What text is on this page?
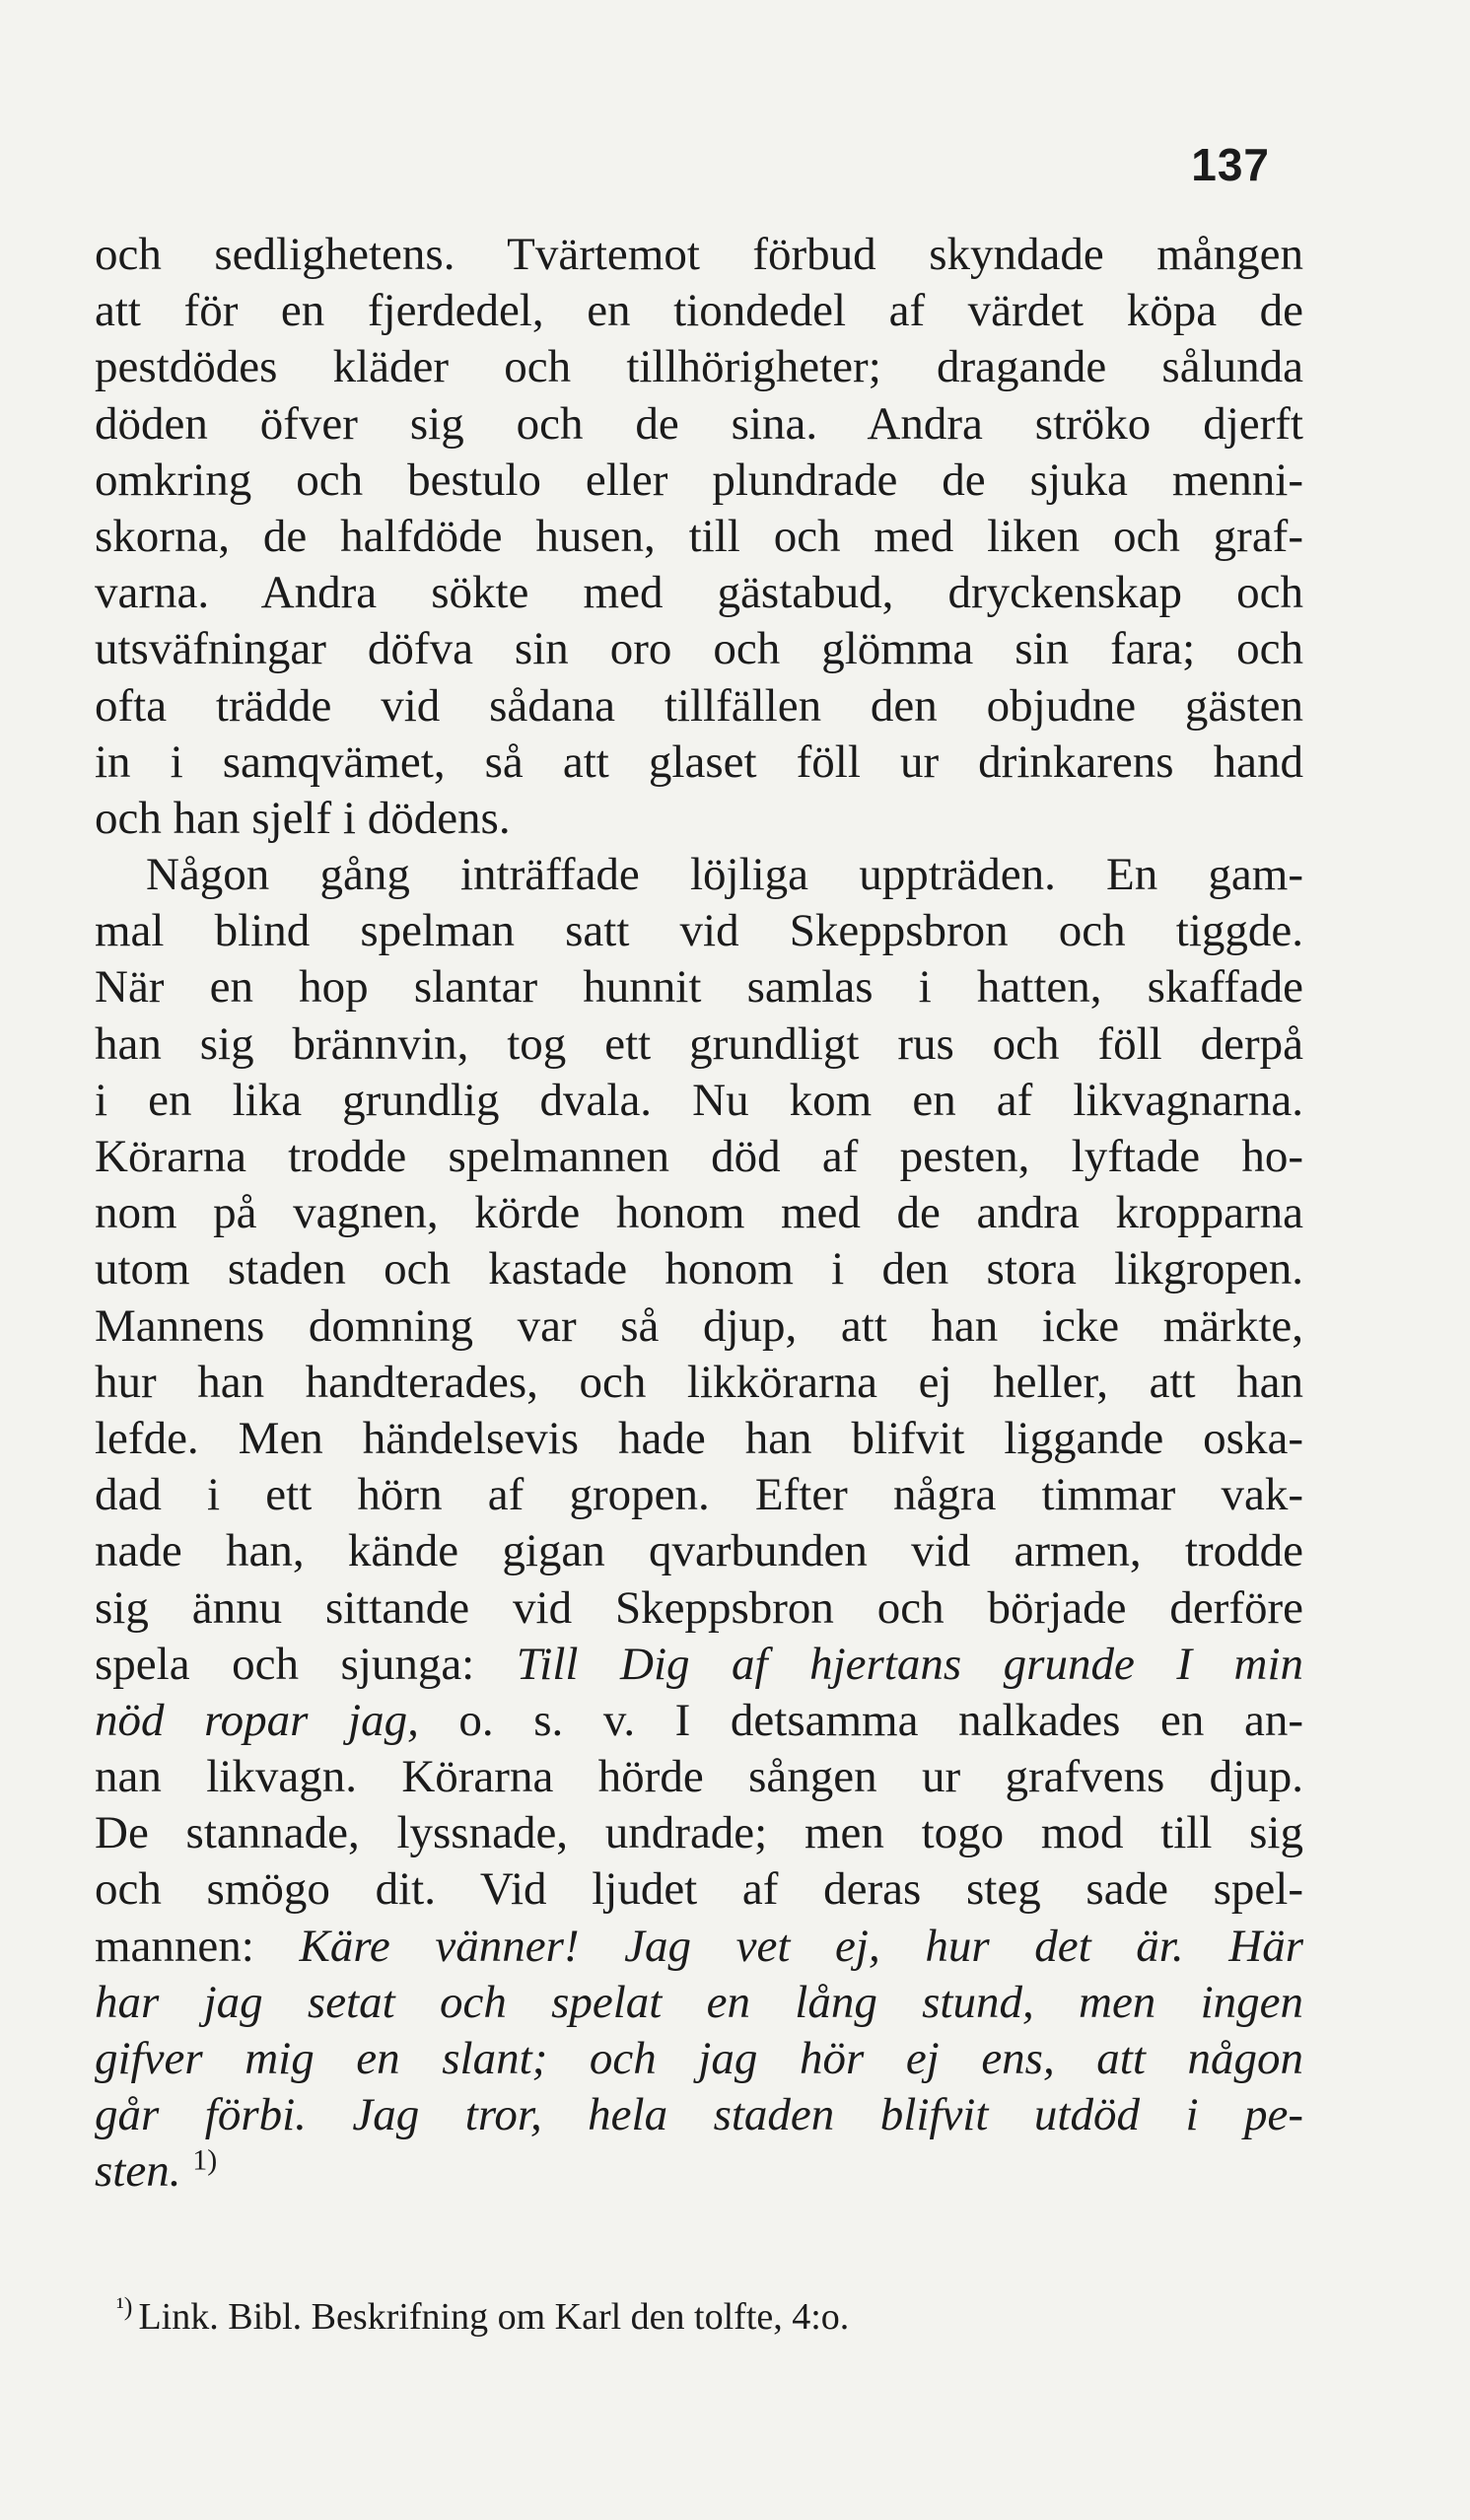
137
och sedlighetens. Tvärtemot förbud skyndade mången
att för en fjerdedel, en tiondedel af värdet köpa de
pestdödes kläder och tillhörigheter; dragande sålunda
döden öfver sig och de sina. Andra ströko djerft
omkring och bestulo eller plundrade de sjuka menni-
skorna, de halfdöde husen, till och med liken och graf-
varna. Andra sökte med gästabud, dryckenskap och
utsväfningar döfva sin oro och glömma sin fara; och
ofta trädde vid sådana tillfällen den objudne gästen
in i samqvämet, så att glaset föll ur drinkarens hand
och han sjelf i dödens.
Någon gång inträffade löjliga uppträden. En gam-
mal blind spelman satt vid Skeppsbron och tiggde.
När en hop slantar hunnit samlas i hatten, skaffade
han sig brännvin, tog ett grundligt rus och föll derpå
i en lika grundlig dvala. Nu kom en af likvagnarna.
Körarna trodde spelmannen död af pesten, lyftade ho-
nom på vagnen, körde honom med de andra kropparna
utom staden och kastade honom i den stora likgropen.
Mannens domning var så djup, att han icke märkte,
hur han handterades, och likkörarna ej heller, att han
lefde. Men händelsevis hade han blifvit liggande oska-
dad i ett hörn af gropen. Efter några timmar vak-
nade han, kände gigan qvarbunden vid armen, trodde
sig ännu sittande vid Skeppsbron och började derföre
spela och sjunga: Till Dig af hjertans grunde I min
nöd ropar jag, o. s. v. I detsamma nalkades en an-
nan likvagn. Körarna hörde sången ur grafvens djup.
De stannade, lyssnade, undrade; men togo mod till sig
och smögo dit. Vid ljudet af deras steg sade spel-
mannen: Käre vänner! Jag vet ej, hur det är. Här
har jag setat och spelat en lång stund, men ingen
gifver mig en slant; och jag hör ej ens, att någon
går förbi. Jag tror, hela staden blifvit utdöd i pe-
sten. $^{1)}$
$^{^1)}$ Link. Bibl. Beskrifning om Karl den tolfte, 4:o.
